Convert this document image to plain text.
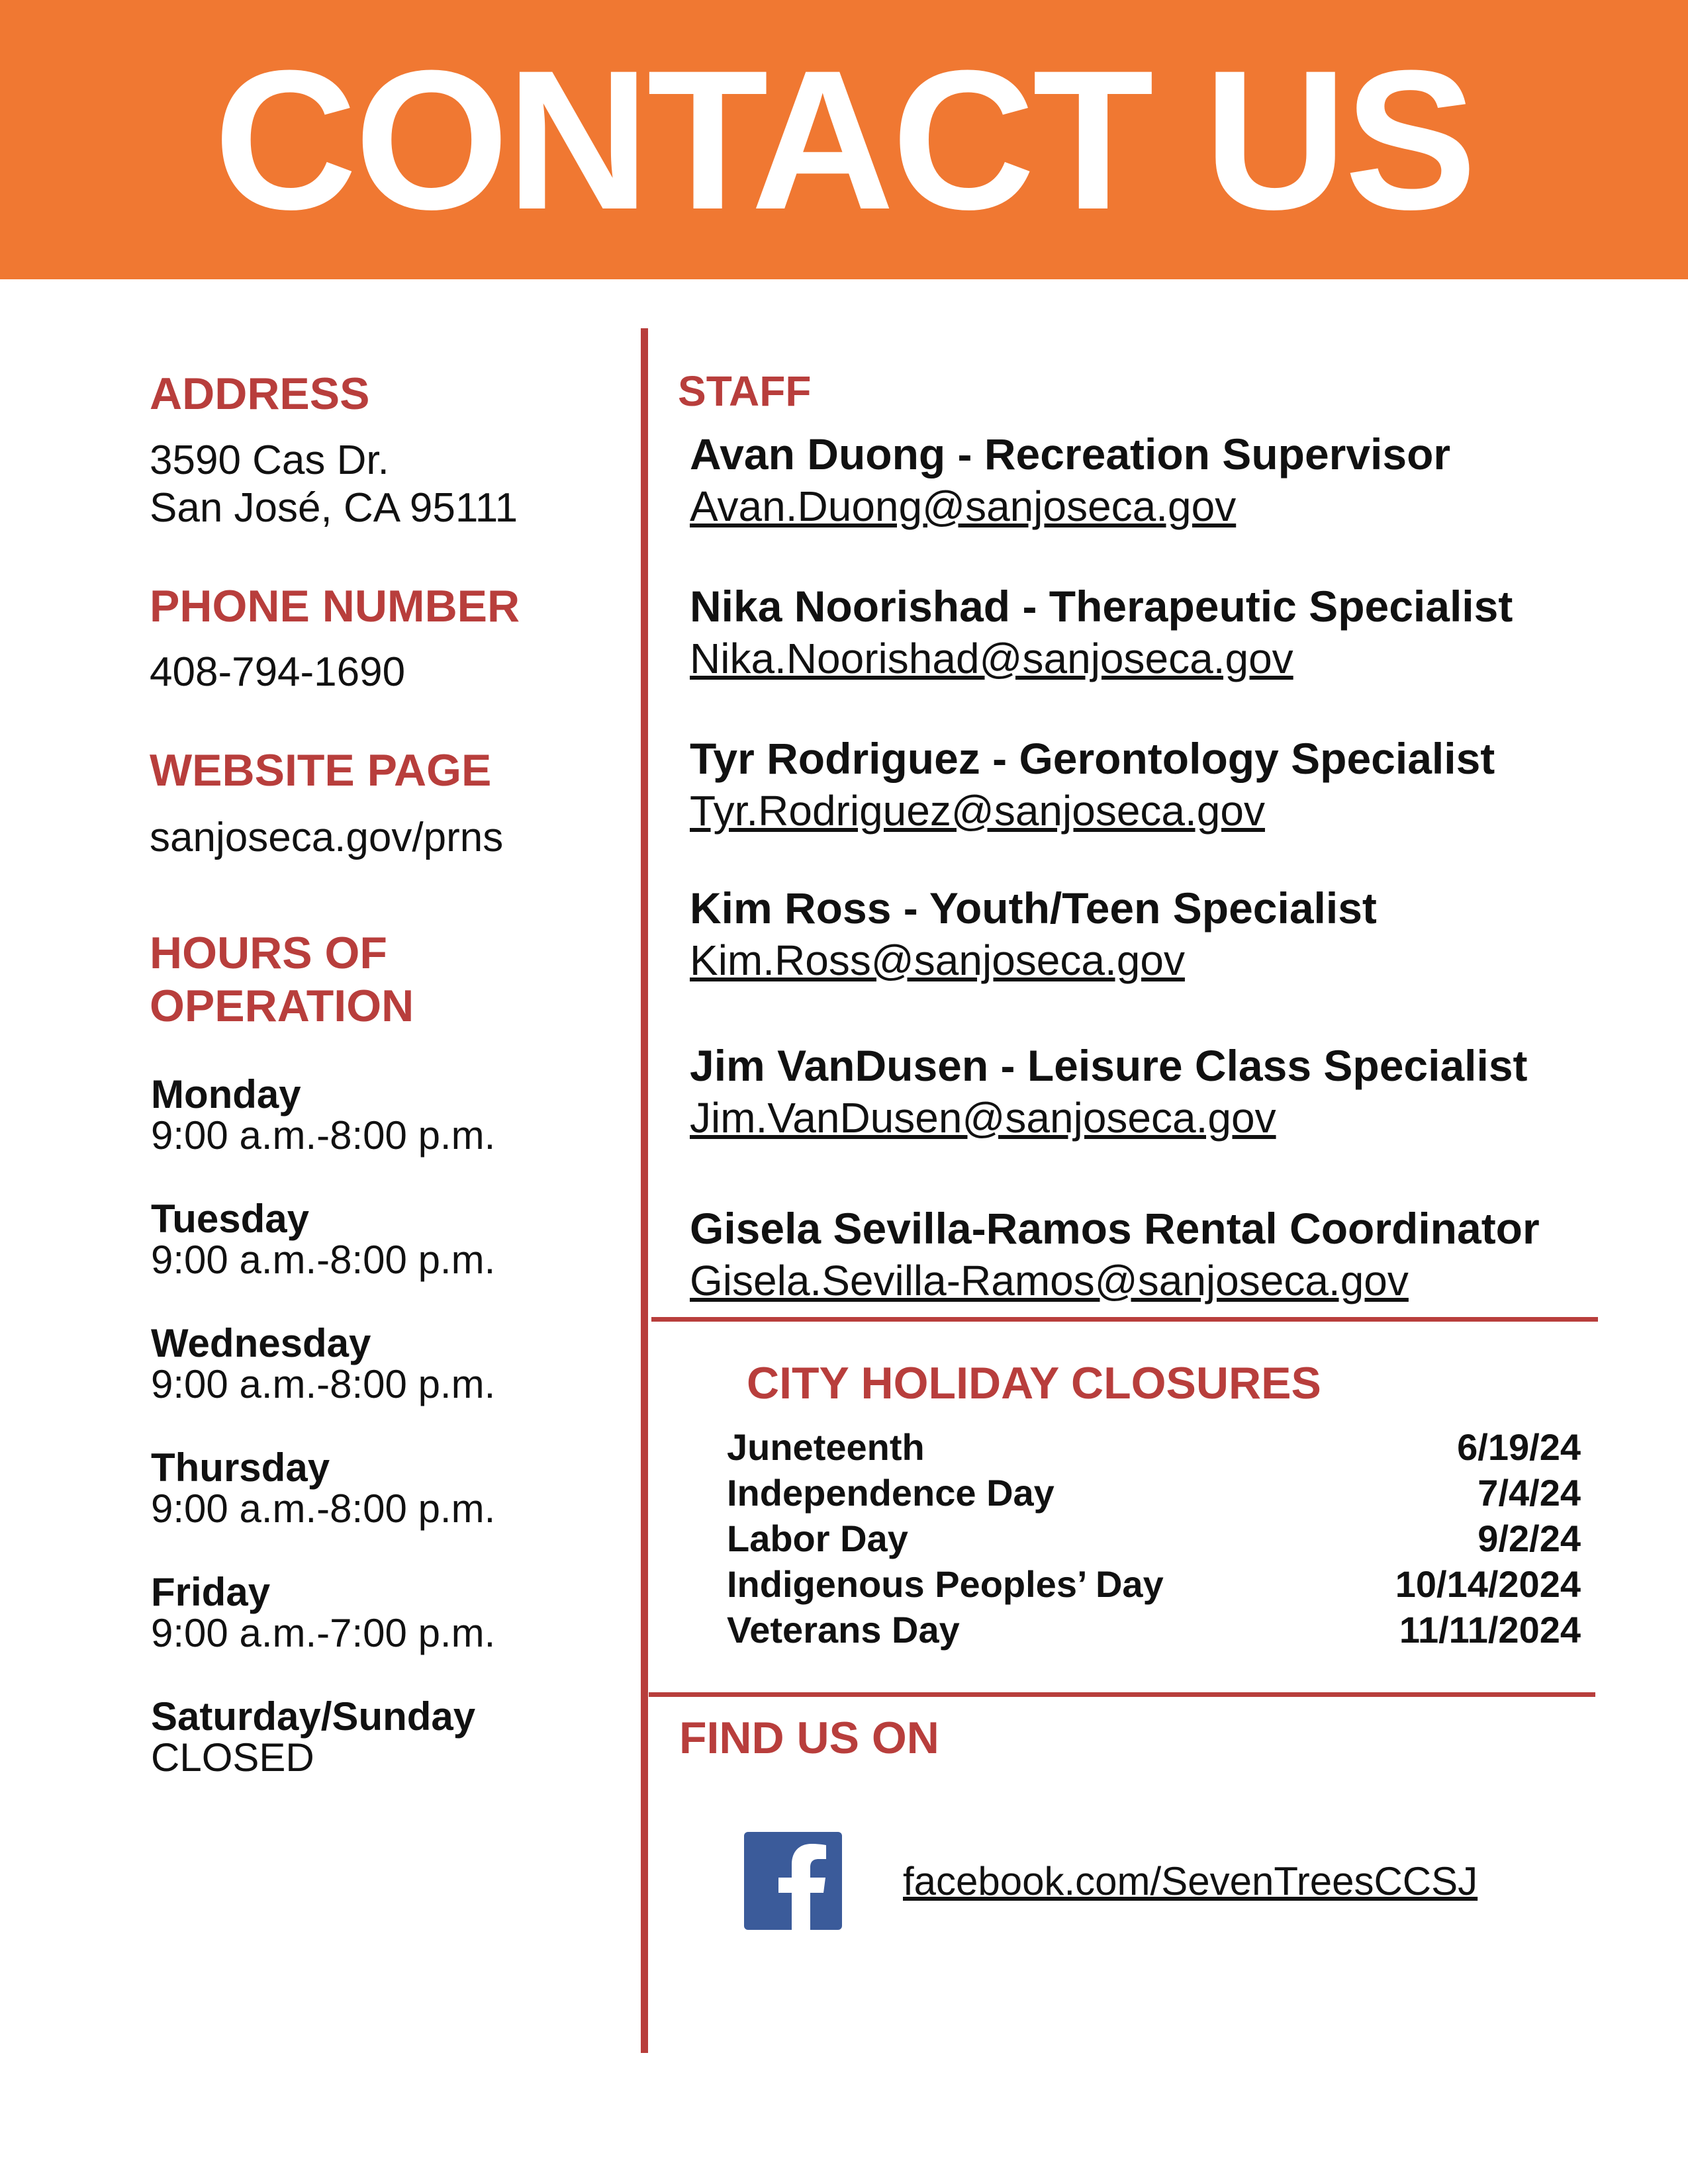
CONTACT US
ADDRESS

3590 Cas Dr.

San José, CA 95111

PHONE NUMBER

408-794-1690

WEBSITE PAGE

sanjoseca.gov/prns

HOURS OF
OPERATION
Monday
9:00 a.m.-8:00 p.m.
Tuesday
9:00 a.m.-8:00 p.m.
Wednesday
9:00 a.m.-8:00 p.m.
Thursday
9:00 a.m.-8:00 p.m.
Friday
9:00 a.m.-7:00 p.m.
Saturday/Sunday
CLOSED
STAFF
Avan Duong - Recreation Supervisor
Avan.Duong@sanjoseca.gov
Nika Noorishad - Therapeutic Specialist
Nika.Noorishad@sanjoseca.gov
Tyr Rodriguez - Gerontology Specialist
Tyr.Rodriguez@sanjoseca.gov
Kim Ross - Youth/Teen Specialist
Kim.Ross@sanjoseca.gov
Jim VanDusen - Leisure Class Specialist
Jim.VanDusen@sanjoseca.gov
Gisela Sevilla-Ramos Rental Coordinator
Gisela.Sevilla-Ramos@sanjoseca.gov
CITY HOLIDAY CLOSURES
Juneteenth	6/19/24
Independence Day	7/4/24
Labor Day	9/2/24
Indigenous Peoples’ Day	10/14/2024
Veterans Day	11/11/2024
FIND US ON
facebook.com/SevenTreesCCSJ
